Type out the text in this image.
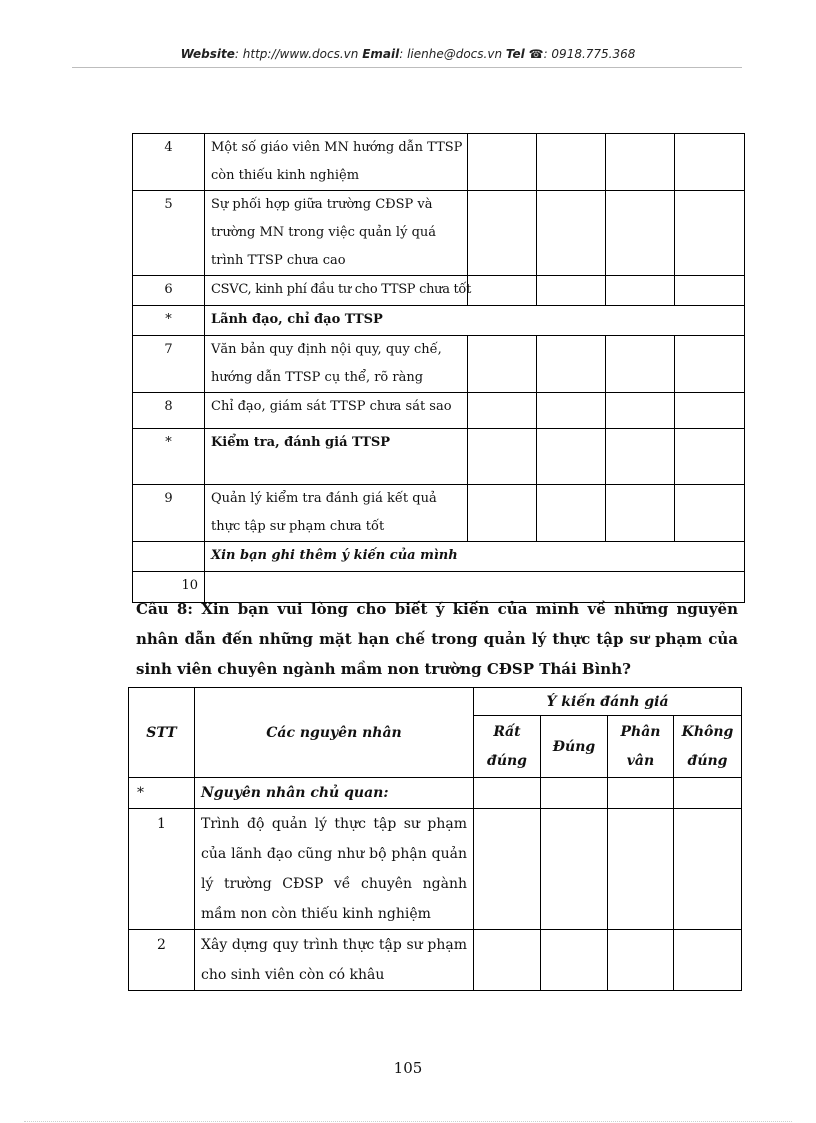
Website: http://www.docs.vn Email: lienhe@docs.vn Tel ☎: 0918.775.368
4	Một số giáo viên MN hướng dẫn TTSP còn thiếu kinh nghiệm				
5	Sự phối hợp giữa trường CĐSP và trường MN trong việc quản lý quá trình TTSP chưa cao				
6	CSVC, kinh phí đầu tư cho TTSP chưa tốt				
*	Lãnh đạo, chỉ đạo TTSP				
7	Văn bản quy định nội quy, quy chế, hướng dẫn TTSP cụ thể, rõ ràng				
8	Chỉ đạo, giám sát TTSP chưa sát sao				
*	Kiểm tra, đánh giá TTSP				
9	Quản lý kiểm tra đánh giá kết quả thực tập sư phạm chưa tốt				
	Xin bạn ghi thêm ý kiến của mình				
10					
Câu 8: Xin bạn vui lòng cho biết ý kiến của mình về những nguyên nhân dẫn đến những mặt hạn chế trong quản lý thực tập sư phạm của sinh viên chuyên ngành mầm non trường CĐSP Thái Bình?
STT	Các nguyên nhân	Ý kiến đánh giá			
		Rất đúng	Đúng	Phân vân	Không đúng
*	Nguyên nhân chủ quan:				
1	Trình độ quản lý thực tập sư phạm của lãnh đạo cũng như bộ phận quản lý trường CĐSP về chuyên ngành mầm non còn thiếu kinh nghiệm				
2	Xây dựng quy trình thực tập sư phạm cho sinh viên còn có khâu				
105
